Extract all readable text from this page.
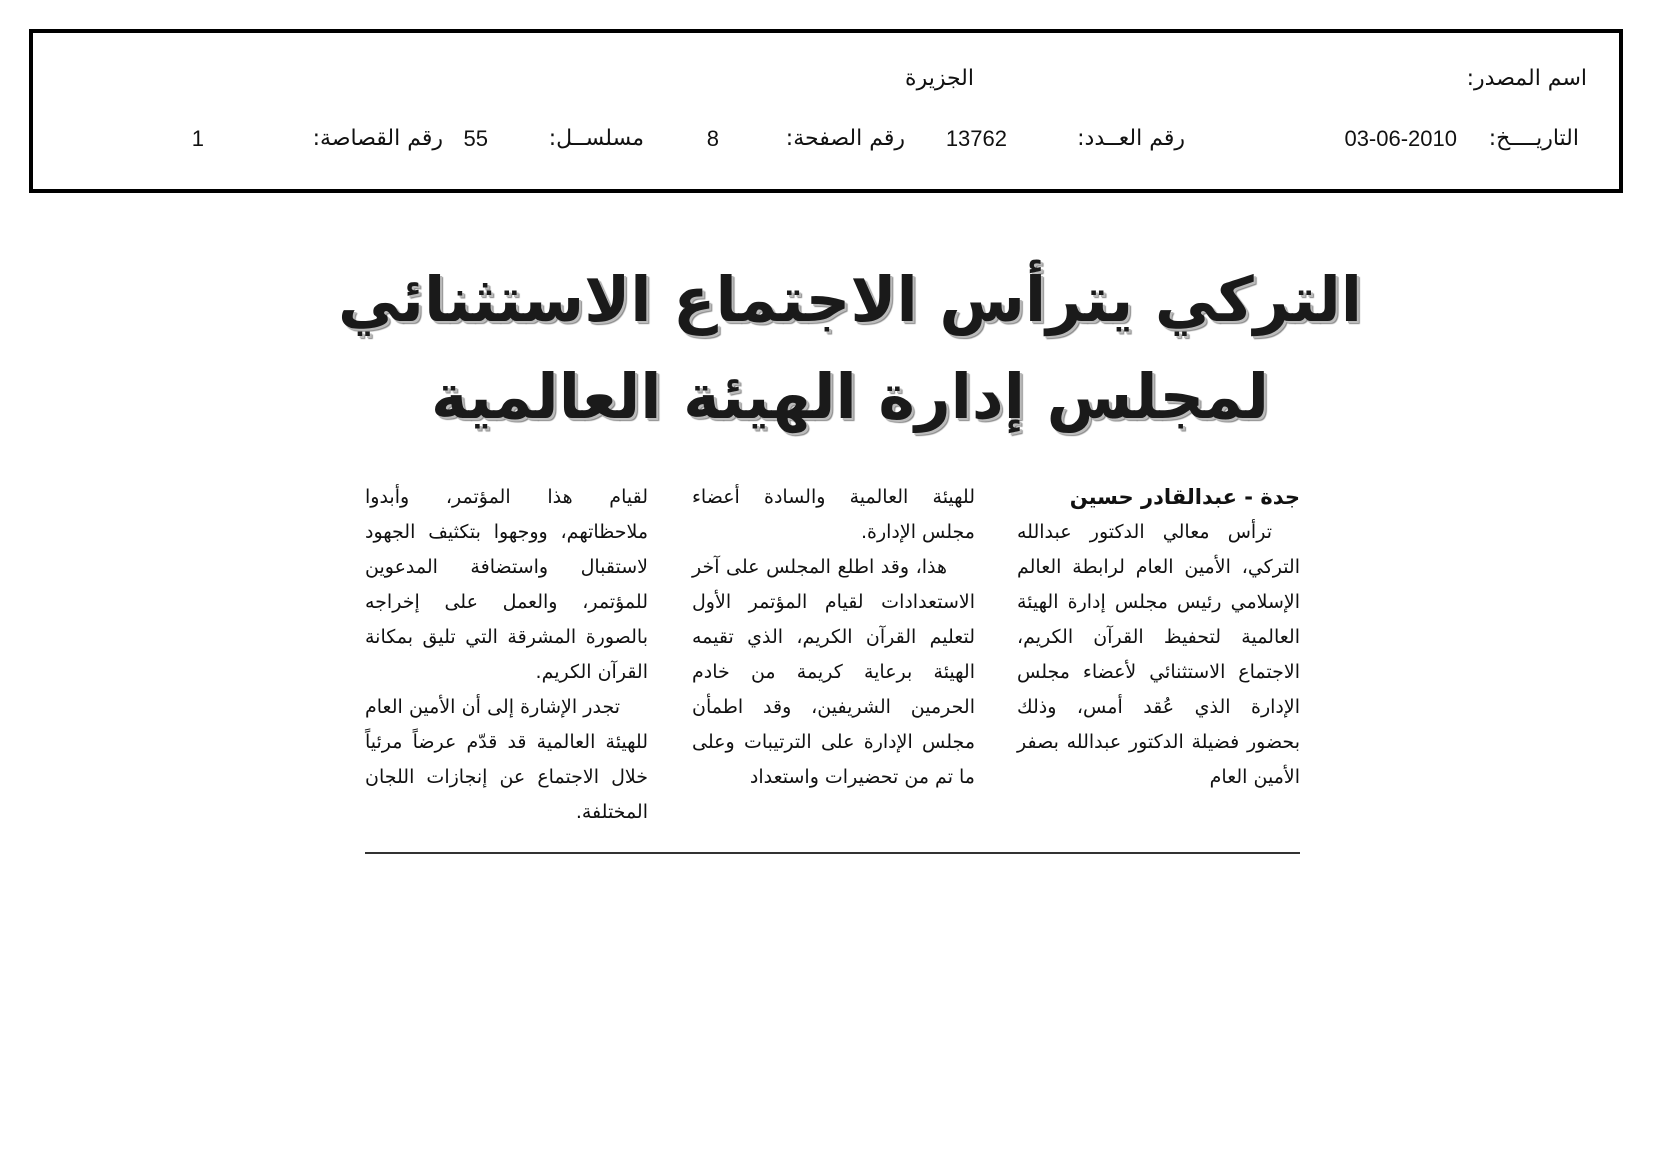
اسم المصدر:
الجزيرة
التاريــــخ:
03-06-2010
رقم العــدد:
13762
رقم الصفحة:
8
مسلســل:
55
رقم القصاصة:
1
التركي يترأس الاجتماع الاستثنائي
لمجلس إدارة الهيئة العالمية
جدة - عبدالقادر حسين
ترأس معالي الدكتور عبدالله التركي، الأمين العام لرابطة العالم الإسلامي رئيس مجلس إدارة الهيئة العالمية لتحفيظ القرآن الكريم، الاجتماع الاستثنائي لأعضاء مجلس الإدارة الذي عُقد أمس، وذلك بحضور فضيلة الدكتور عبدالله بصفر الأمين العام
للهيئة العالمية والسادة أعضاء مجلس الإدارة.
هذا، وقد اطلع المجلس على آخر الاستعدادات لقيام المؤتمر الأول لتعليم القرآن الكريم، الذي تقيمه الهيئة برعاية كريمة من خادم الحرمين الشريفين، وقد اطمأن مجلس الإدارة على الترتيبات وعلى ما تم من تحضيرات واستعداد
لقيام هذا المؤتمر، وأبدوا ملاحظاتهم، ووجهوا بتكثيف الجهود لاستقبال واستضافة المدعوين للمؤتمر، والعمل على إخراجه بالصورة المشرقة التي تليق بمكانة القرآن الكريم.
تجدر الإشارة إلى أن الأمين العام للهيئة العالمية قد قدّم عرضاً مرئياً خلال الاجتماع عن إنجازات اللجان المختلفة.
